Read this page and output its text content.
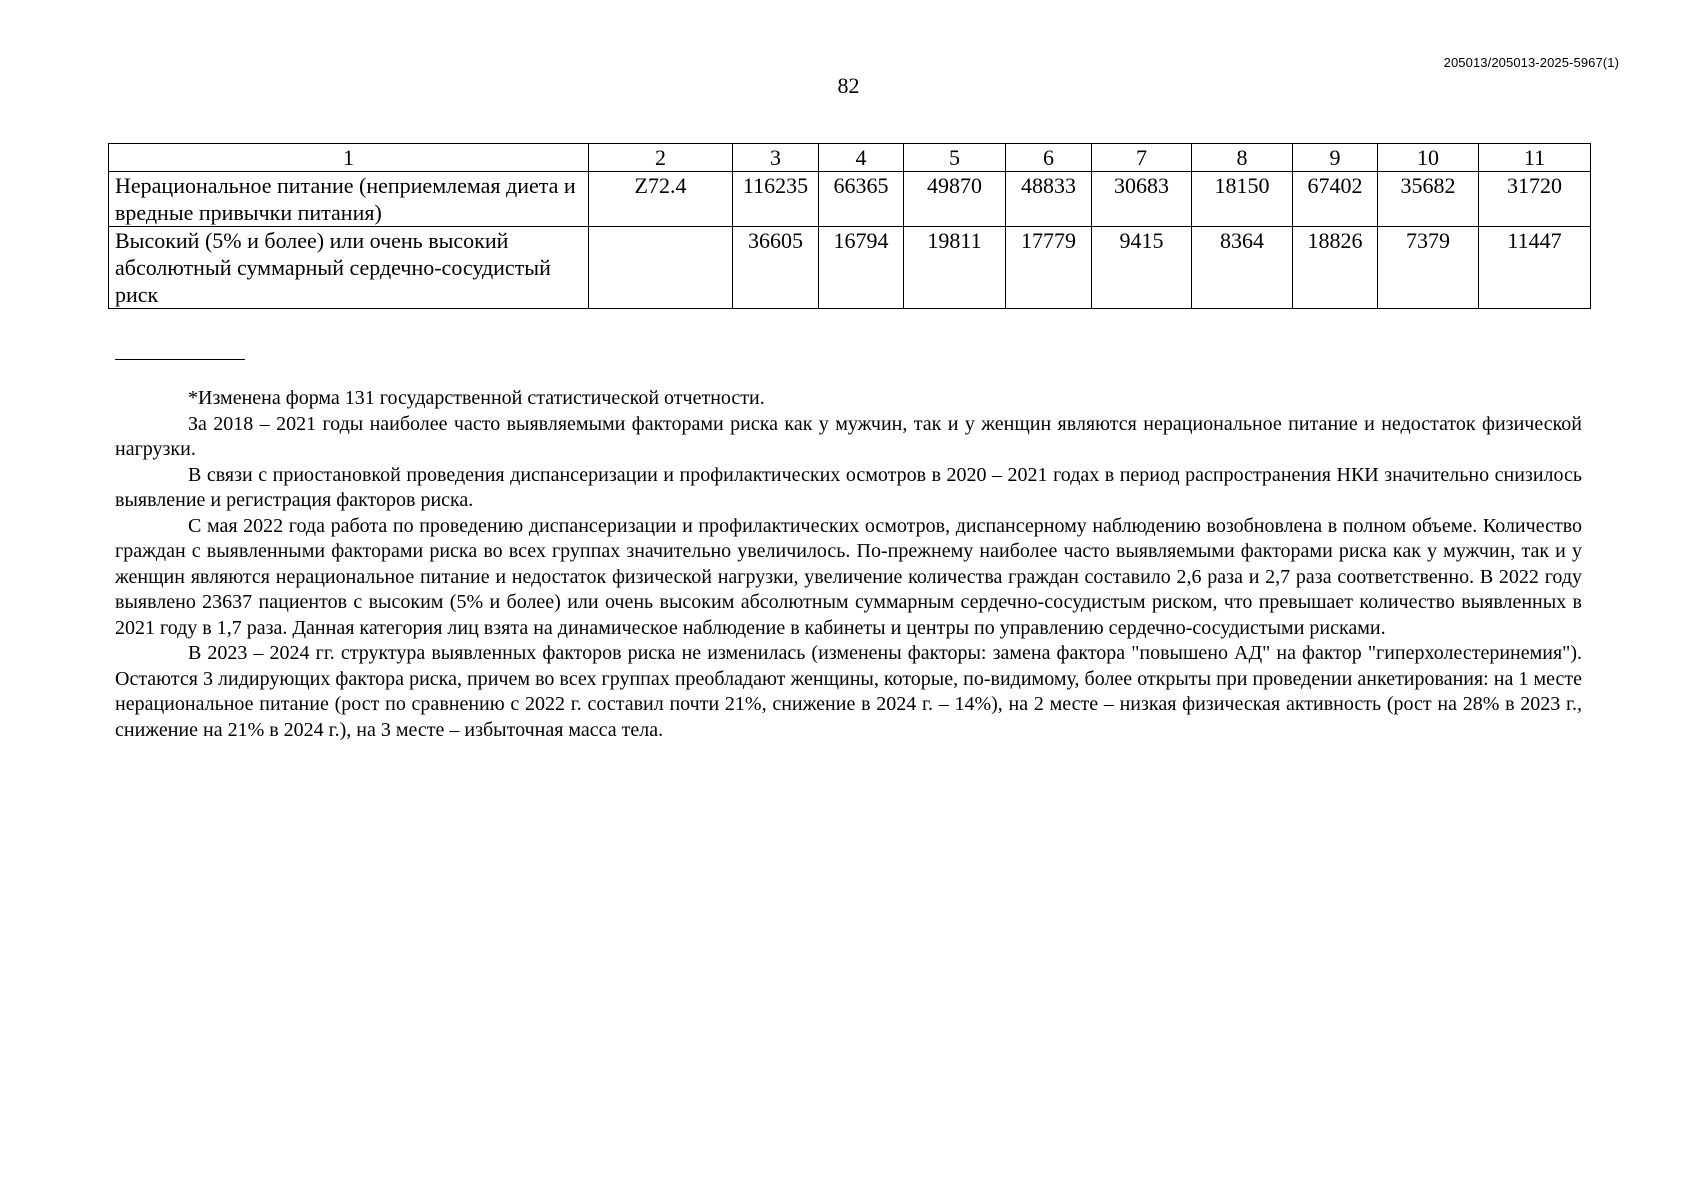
205013/205013-2025-5967(1)
82
1	2	3	4	5	6	7	8	9	10	11
Нерациональное питание (неприемлемая диета и вредные привычки питания)	Z72.4	116235	66365	49870	48833	30683	18150	67402	35682	31720
Высокий (5% и более) или очень высокий абсолютный суммарный сердечно-сосудистый риск		36605	16794	19811	17779	9415	8364	18826	7379	11447

*Изменена форма 131 государственной статистической отчетности.

За 2018 – 2021 годы наиболее часто выявляемыми факторами риска как у мужчин, так и у женщин являются нерациональное питание и недостаток физической нагрузки.

В связи с приостановкой проведения диспансеризации и профилактических осмотров в 2020 – 2021 годах в период распространения НКИ значительно снизилось выявление и регистрация факторов риска.

С мая 2022 года работа по проведению диспансеризации и профилактических осмотров, диспансерному наблюдению возобновлена в полном объеме. Количество граждан с выявленными факторами риска во всех группах значительно увеличилось. По-прежнему наиболее часто выявляемыми факторами риска как у мужчин, так и у женщин являются нерациональное питание и недостаток физической нагрузки, увеличение количества граждан составило 2,6 раза и 2,7 раза соответственно. В 2022 году выявлено 23637 пациентов с высоким (5% и более) или очень высоким абсолютным суммарным сердечно-сосудистым риском, что превышает количество выявленных в 2021 году в 1,7 раза. Данная категория лиц взята на динамическое наблюдение в кабинеты и центры по управлению сердечно-сосудистыми рисками.

В 2023 – 2024 гг. структура выявленных факторов риска не изменилась (изменены факторы: замена фактора "повышено АД" на фактор "гиперхолестеринемия"). Остаются 3 лидирующих фактора риска, причем во всех группах преобладают женщины, которые, по-видимому, более открыты при проведении анкетирования: на 1 месте нерациональное питание (рост по сравнению с 2022 г. составил почти 21%, снижение в 2024 г. – 14%), на 2 месте – низкая физическая активность (рост на 28% в 2023 г., снижение на 21% в 2024 г.), на 3 месте – избыточная масса тела.
